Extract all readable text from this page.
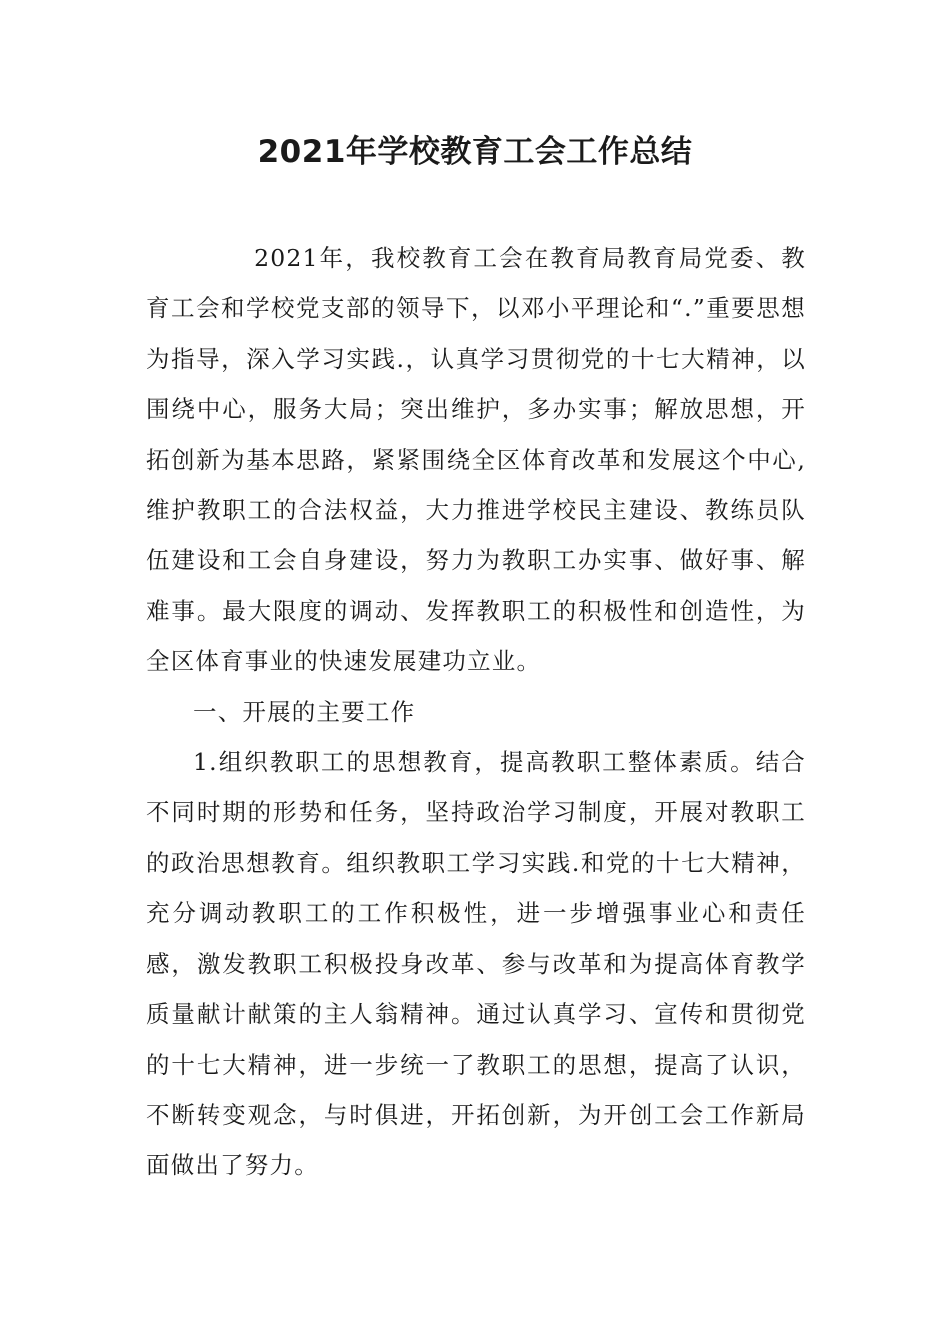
2021年学校教育工会工作总结

2021年，我校教育工会在教育局教育局党委、教育工会和学校党支部的领导下，以邓小平理论和“.”重要思想为指导，深入学习实践.，认真学习贯彻党的十七大精神，以围绕中心，服务大局；突出维护，多办实事；解放思想，开拓创新为基本思路，紧紧围绕全区体育改革和发展这个中心,维护教职工的合法权益，大力推进学校民主建设、教练员队伍建设和工会自身建设，努力为教职工办实事、做好事、解难事。最大限度的调动、发挥教职工的积极性和创造性，为全区体育事业的快速发展建功立业。

一、开展的主要工作

1.组织教职工的思想教育，提高教职工整体素质。结合不同时期的形势和任务，坚持政治学习制度，开展对教职工的政治思想教育。组织教职工学习实践.和党的十七大精神，充分调动教职工的工作积极性，进一步增强事业心和责任感，激发教职工积极投身改革、参与改革和为提高体育教学质量献计献策的主人翁精神。通过认真学习、宣传和贯彻党的十七大精神，进一步统一了教职工的思想，提高了认识，不断转变观念，与时俱进，开拓创新，为开创工会工作新局面做出了努力。
